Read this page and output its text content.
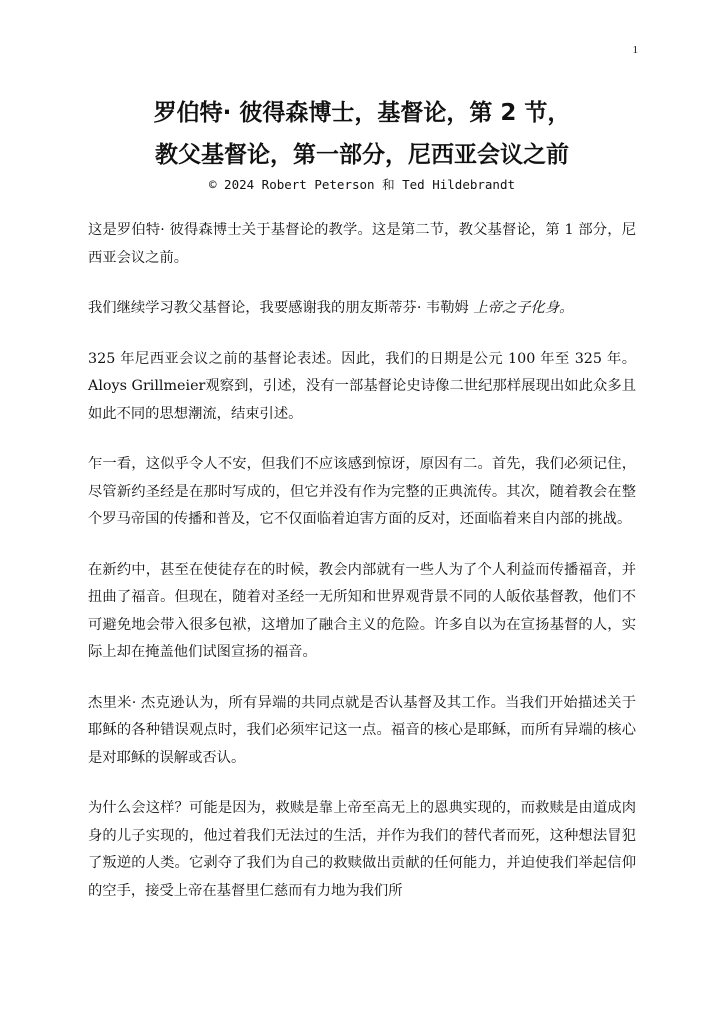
1
罗伯特· 彼得森博士，基督论，第 2 节，
教父基督论，第一部分，尼西亚会议之前
© 2024 Robert Peterson 和 Ted Hildebrandt

这是罗伯特· 彼得森博士关于基督论的教学。这是第二节，教父基督论，第 1 部分，尼西亚会议之前。

我们继续学习教父基督论，我要感谢我的朋友斯蒂芬· 韦勒姆 上帝之子化身。

325 年尼西亚会议之前的基督论表述。因此，我们的日期是公元 100 年至 325 年。Aloys Grillmeier观察到，引述，没有一部基督论史诗像二世纪那样展现出如此众多且如此不同的思想潮流，结束引述。

乍一看，这似乎令人不安，但我们不应该感到惊讶，原因有二。首先，我们必须记住，尽管新约圣经是在那时写成的，但它并没有作为完整的正典流传。其次，随着教会在整个罗马帝国的传播和普及，它不仅面临着迫害方面的反对，还面临着来自内部的挑战。

在新约中，甚至在使徒存在的时候，教会内部就有一些人为了个人利益而传播福音，并扭曲了福音。但现在，随着对圣经一无所知和世界观背景不同的人皈依基督教，他们不可避免地会带入很多包袱，这增加了融合主义的危险。许多自以为在宣扬基督的人，实际上却在掩盖他们试图宣扬的福音。

杰里米· 杰克逊认为，所有异端的共同点就是否认基督及其工作。当我们开始描述关于耶稣的各种错误观点时，我们必须牢记这一点。福音的核心是耶稣，而所有异端的核心是对耶稣的误解或否认。

为什么会这样？可能是因为，救赎是靠上帝至高无上的恩典实现的，而救赎是由道成肉身的儿子实现的，他过着我们无法过的生活，并作为我们的替代者而死，这种想法冒犯了叛逆的人类。它剥夺了我们为自己的救赎做出贡献的任何能力，并迫使我们举起信仰的空手，接受上帝在基督里仁慈而有力地为我们所
